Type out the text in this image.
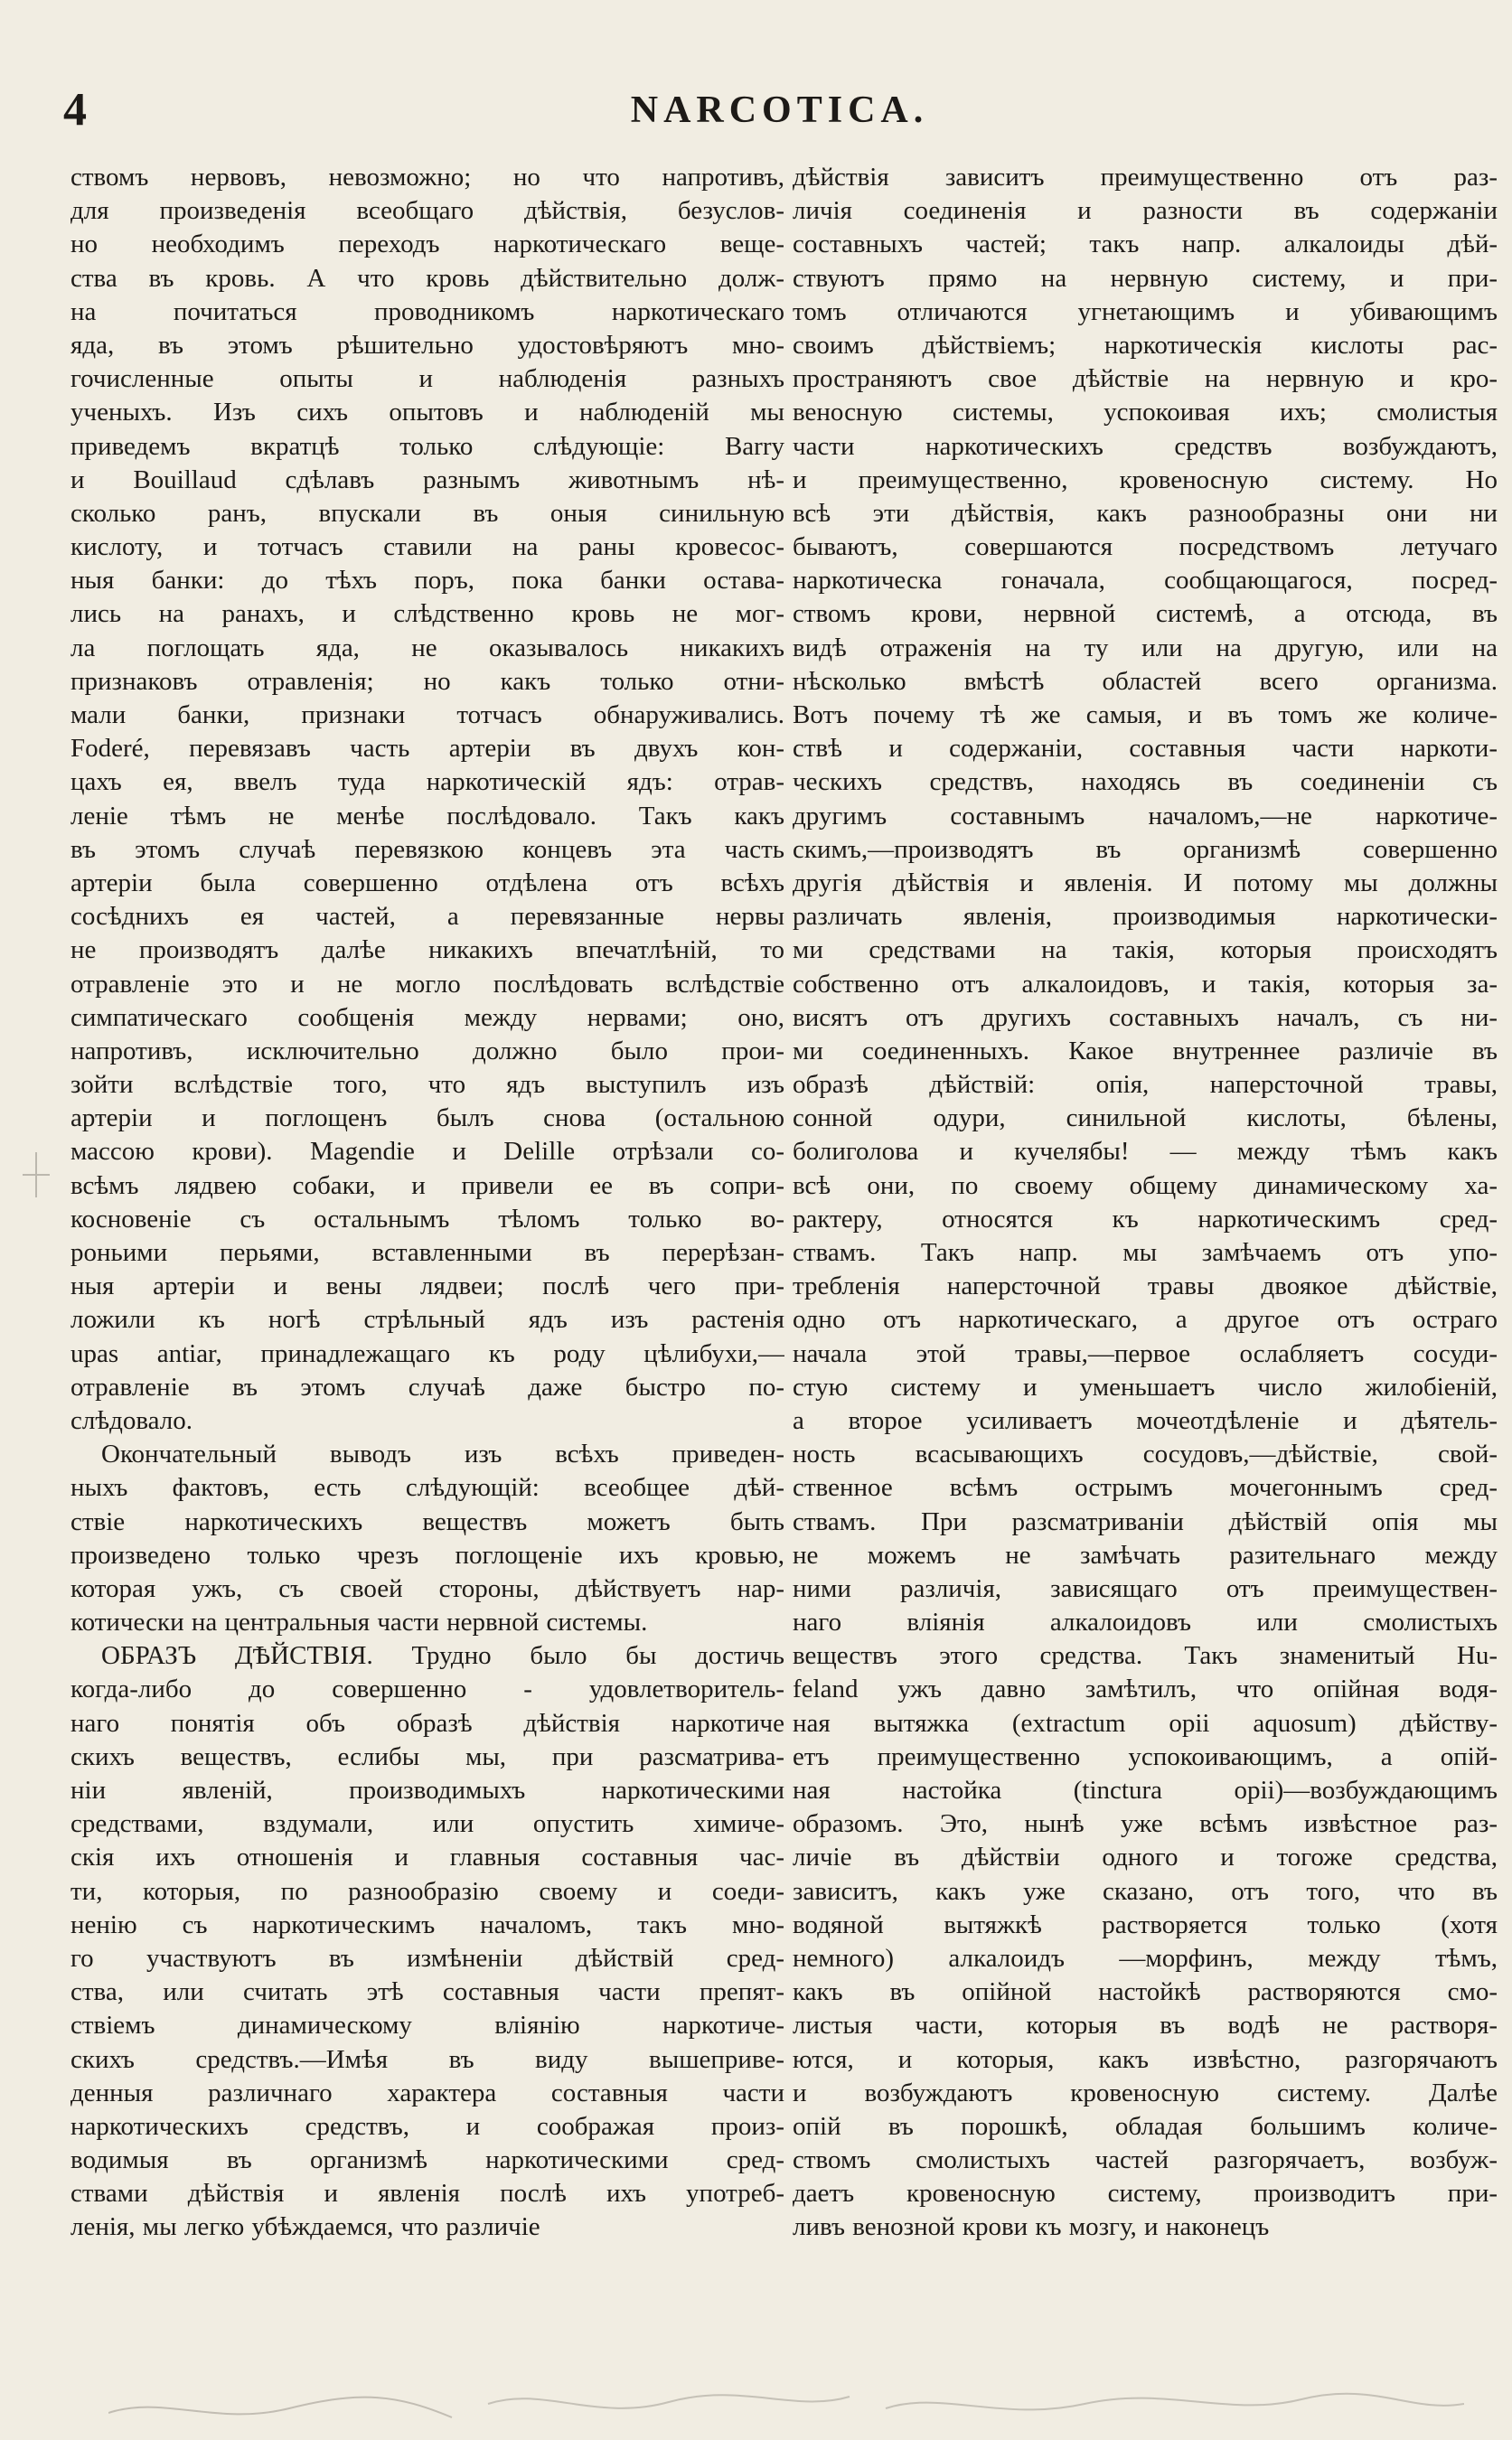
4	NARCOTICA.
ствомъ нервовъ, невозможно; но что напротивъ,
для произведенія всеобщаго дѣйствія, безуслов-
но необходимъ переходъ наркотическаго веще-
ства въ кровь. А что кровь дѣйствительно долж-
на почитаться проводникомъ наркотическаго
яда, въ этомъ рѣшительно удостовѣряютъ мно-
гочисленные опыты и наблюденія разныхъ
ученыхъ. Изъ сихъ опытовъ и наблюденій мы
приведемъ вкратцѣ только слѣдующіе: Barry
и Bouillaud сдѣлавъ разнымъ животнымъ нѣ-
сколько ранъ, впускали въ оныя синильную
кислоту, и тотчасъ ставили на раны кровесос-
ныя банки: до тѣхъ поръ, пока банки остава-
лись на ранахъ, и слѣдственно кровь не мог-
ла поглощать яда, не оказывалось никакихъ
признаковъ отравленія; но какъ только отни-
мали банки, признаки тотчасъ обнаруживались.
Foderé, перевязавъ часть артеріи въ двухъ кон-
цахъ ея, ввелъ туда наркотическій ядъ: отрав-
леніе тѣмъ не менѣе послѣдовало. Такъ какъ
въ этомъ случаѣ перевязкою концевъ эта часть
артеріи была совершенно отдѣлена отъ всѣхъ
сосѣднихъ ея частей, а перевязанные нервы
не производятъ далѣе никакихъ впечатлѣній, то
отравленіе это и не могло послѣдовать вслѣдствіе
симпатическаго сообщенія между нервами; оно,
напротивъ, исключительно должно было прои-
зойти вслѣдствіе того, что ядъ выступилъ изъ
артеріи и поглощенъ былъ снова (остальною
массою крови). Magendie и Delille отрѣзали со-
всѣмъ лядвею собаки, и привели ее въ сопри-
косновеніе съ остальнымъ тѣломъ только во-
роньими перьями, вставленными въ перерѣзан-
ныя артеріи и вены лядвеи; послѣ чего при-
ложили къ ногѣ стрѣльный ядъ изъ растенія
upas antiar, принадлежащаго къ роду цѣлибухи,—
отравленіе въ этомъ случаѣ даже быстро по-
слѣдовало.
Окончательный выводъ изъ всѣхъ приведен-
ныхъ фактовъ, есть слѣдующій: всеобщее дѣй-
ствіе наркотическихъ веществъ можетъ быть
произведено только чрезъ поглощеніе ихъ кровью,
которая ужъ, съ своей стороны, дѣйствуетъ нар-
котически на центральныя части нервной системы.
ОБРАЗЪ ДѢЙСТВІЯ. Трудно было бы достичь
когда-либо до совершенно - удовлетворитель-
наго понятія объ образѣ дѣйствія наркотиче
скихъ веществъ, еслибы мы, при разсматрива-
ніи явленій, производимыхъ наркотическими
средствами, вздумали, или опустить химиче-
скія ихъ отношенія и главныя составныя час-
ти, которыя, по разнообразію своему и соеди-
ненію съ наркотическимъ началомъ, такъ мно-
го участвуютъ въ измѣненіи дѣйствій сред-
ства, или считать этѣ составныя части препят-
ствіемъ динамическому вліянію наркотиче-
скихъ средствъ.—Имѣя въ виду вышеприве-
денныя различнаго характера составныя части
наркотическихъ средствъ, и соображая произ-
водимыя въ организмѣ наркотическими сред-
ствами дѣйствія и явленія послѣ ихъ употреб-
ленія, мы легко убѣждаемся, что различіе
дѣйствія зависитъ преимущественно отъ раз-
личія соединенія и разности въ содержаніи
составныхъ частей; такъ напр. алкалоиды дѣй-
ствуютъ прямо на нервную систему, и при-
томъ отличаются угнетающимъ и убивающимъ
своимъ дѣйствіемъ; наркотическія кислоты рас-
пространяютъ свое дѣйствіе на нервную и кро-
веносную системы, успокоивая ихъ; смолистыя
части наркотическихъ средствъ возбуждаютъ,
и преимущественно, кровеносную систему. Но
всѣ эти дѣйствія, какъ разнообразны они ни
бываютъ, совершаются посредствомъ летучаго
наркотическа гоначала, сообщающагося, посред-
ствомъ крови, нервной системѣ, а отсюда, въ
видѣ отраженія на ту или на другую, или на
нѣсколько вмѣстѣ областей всего организма.
Вотъ почему тѣ же самыя, и въ томъ же количе-
ствѣ и содержаніи, составныя части наркоти-
ческихъ средствъ, находясь въ соединеніи съ
другимъ составнымъ началомъ,—не наркотиче-
скимъ,—производятъ въ организмѣ совершенно
другія дѣйствія и явленія. И потому мы должны
различать явленія, производимыя наркотически-
ми средствами на такія, которыя происходятъ
собственно отъ алкалоидовъ, и такія, которыя за-
висятъ отъ другихъ составныхъ началъ, съ ни-
ми соединенныхъ. Какое внутреннее различіе въ
образѣ дѣйствій: опія, наперсточной травы,
сонной одури, синильной кислоты, бѣлены,
болиголова и кучелябы! — между тѣмъ какъ
всѣ они, по своему общему динамическому ха-
рактеру, относятся къ наркотическимъ сред-
ствамъ. Такъ напр. мы замѣчаемъ отъ упо-
требленія наперсточной травы двоякое дѣйствіе,
одно отъ наркотическаго, а другое отъ остраго
начала этой травы,—первое ослабляетъ сосуди-
стую систему и уменьшаетъ число жилобіеній,
а второе усиливаетъ мочеотдѣленіе и дѣятель-
ность всасывающихъ сосудовъ,—дѣйствіе, свой-
ственное всѣмъ острымъ мочегоннымъ сред-
ствамъ. При разсматриваніи дѣйствій опія мы
не можемъ не замѣчать разительнаго между
ними различія, зависящаго отъ преимуществен-
наго вліянія алкалоидовъ или смолистыхъ
веществъ этого средства. Такъ знаменитый Hu-
feland ужъ давно замѣтилъ, что опійная водя-
ная вытяжка (extractum opii aquosum) дѣйству-
етъ преимущественно успокоивающимъ, а опій-
ная настойка (tinctura opii)—возбуждающимъ
образомъ. Это, нынѣ уже всѣмъ извѣстное раз-
личіе въ дѣйствіи одного и тогоже средства,
зависитъ, какъ уже сказано, отъ того, что въ
водяной вытяжкѣ растворяется только (хотя
немного) алкалоидъ —морфинъ, между тѣмъ,
какъ въ опійной настойкѣ растворяются смо-
листыя части, которыя въ водѣ не растворя-
ются, и которыя, какъ извѣстно, разгорячаютъ
и возбуждаютъ кровеносную систему. Далѣе
опій въ порошкѣ, обладая большимъ количе-
ствомъ смолистыхъ частей разгорячаетъ, возбуж-
даетъ кровеносную систему, производитъ при-
ливъ венозной крови къ мозгу, и наконецъ
